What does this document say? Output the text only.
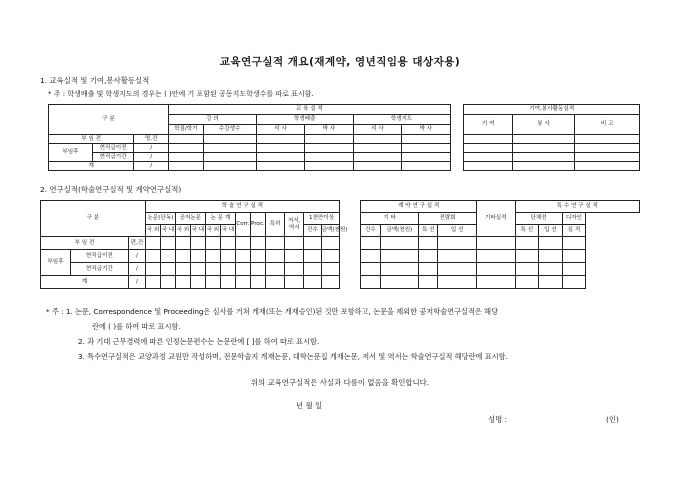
교육연구실적 개요(재계약, 영년직임용 대상자용)
1. 교육실적 및 기여,봉사활동실적
* 주 : 학생배출 및 학생지도의 경우는 ( )안에 기 포함된 공동지도학생수를 따로 표시함.
구 분			교 육 실 적							기여,봉사활동실적		
			강 의		학생배출		학생지도			기 여	봉 사	비 고
			학점/학기	수강생수	석 사	박 사	석 사	박 사				
부 임 전		명,건										
부임후	현직급이전	/										
	현직급기간	/										
계		/										
2. 연구실적(학술연구실적 및 계약연구실적)
구 분			학 술 연 구 실 적													계 약 연 구 실 적				기타실적	특 수 연 구 실 적		
			논문(단독)		공저논문		논 문 계		Corr.	Proc.	특허	저서,
역서	1천만이상			기 타		전람회			단체전		디자인
			국 외	국 내	국 외	국 내	국 외	국 내					건수	금액(천원)		건수	금액(천원)	특 선	입 선		특 선	입 선	실 적
부 임 전		편,건																					
부임후	현직급이전	/																					
	현직급기간	/																					
계		/																					
* 주 : 1. 논문, Correspondence 및 Proceeding은 심사를 거쳐 게재(또는 게재승인)된 것만 포함하고, 논문을 제외한 공저학술연구실적은 해당
란에 ( )를 하여 따로 표시함.
2. 과 기대 근무경력에 따른 인정논문편수는 논문란에 [ ]를 하여 따로 표시함.
3. 특수연구실적은 교양과정 교원만 작성하며, 전문학술지 게재논문, 대학논문집 게재논문, 저서 및 역서는 학술연구실적 해당란에 표시함.
위의 교육연구실적은 사실과 다름이 없음을 확인합니다.
년 월 일
성명 :	(인)
